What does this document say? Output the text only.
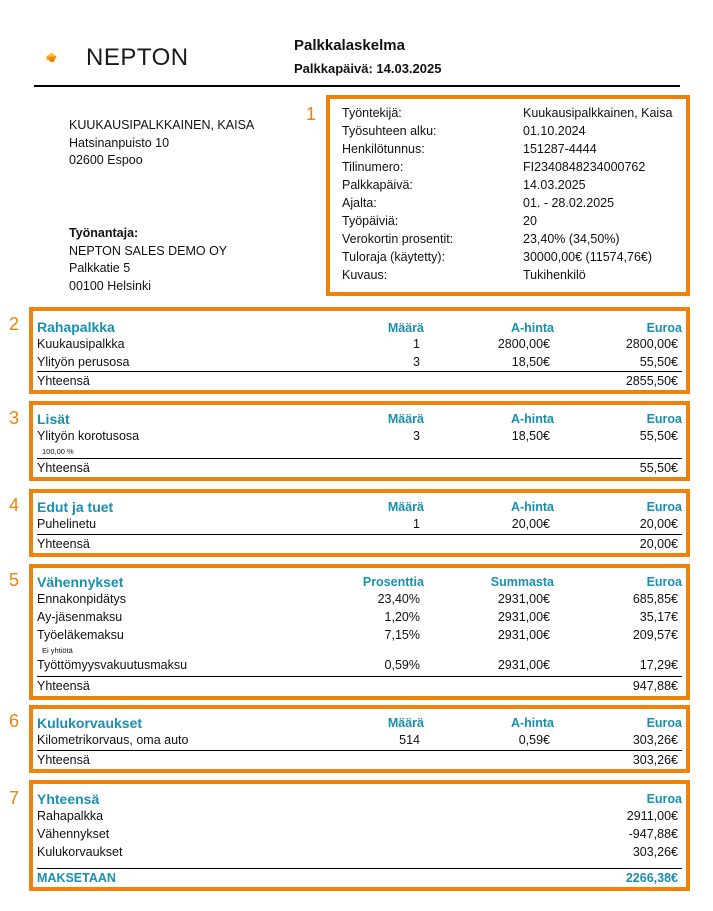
NEPTON	Palkkalaskelma
Palkkapäivä: 14.03.2025
1
2
3
4
5
6
7
KUUKAUSIPALKKAINEN, KAISA
Hatsinanpuisto 10
02600 Espoo
Työnantaja:
NEPTON SALES DEMO OY
Palkkatie 5
00100 Helsinki
Työntekijä:	Kuukausipalkkainen, Kaisa
Työsuhteen alku:	01.10.2024
Henkilötunnus:	151287-4444
Tilinumero:	FI2340848234000762
Palkkapäivä:	14.03.2025
Ajalta:	01. - 28.02.2025
Työpäiviä:	20
Verokortin prosentit:	23,40% (34,50%)
Tuloraja (käytetty):	30000,00€ (11574,76€)
Kuvaus:	Tukihenkilö
Rahapalkka	Määrä	A-hinta	Euroa
Kuukausipalkka	1	2800,00€	2800,00€
Ylityön perusosa	3	18,50€	55,50€
Yhteensä	2855,50€
Lisät	Määrä	A-hinta	Euroa
Ylityön korotusosa	3	18,50€	55,50€
100,00 %
Yhteensä	55,50€
Edut ja tuet	Määrä	A-hinta	Euroa
Puhelinetu	1	20,00€	20,00€
Yhteensä	20,00€
Vähennykset	Prosenttia	Summasta	Euroa
Ennakonpidätys	23,40%	2931,00€	685,85€
Ay-jäsenmaksu	1,20%	2931,00€	35,17€
Työeläkemaksu	7,15%	2931,00€	209,57€
Ei yhtiötä
Työttömyysvakuutusmaksu	0,59%	2931,00€	17,29€
Yhteensä	947,88€
Kulukorvaukset	Määrä	A-hinta	Euroa
Kilometrikorvaus, oma auto	514	0,59€	303,26€
Yhteensä	303,26€
Yhteensä	Euroa
Rahapalkka	2911,00€
Vähennykset	-947,88€
Kulukorvaukset	303,26€
MAKSETAAN	2266,38€
